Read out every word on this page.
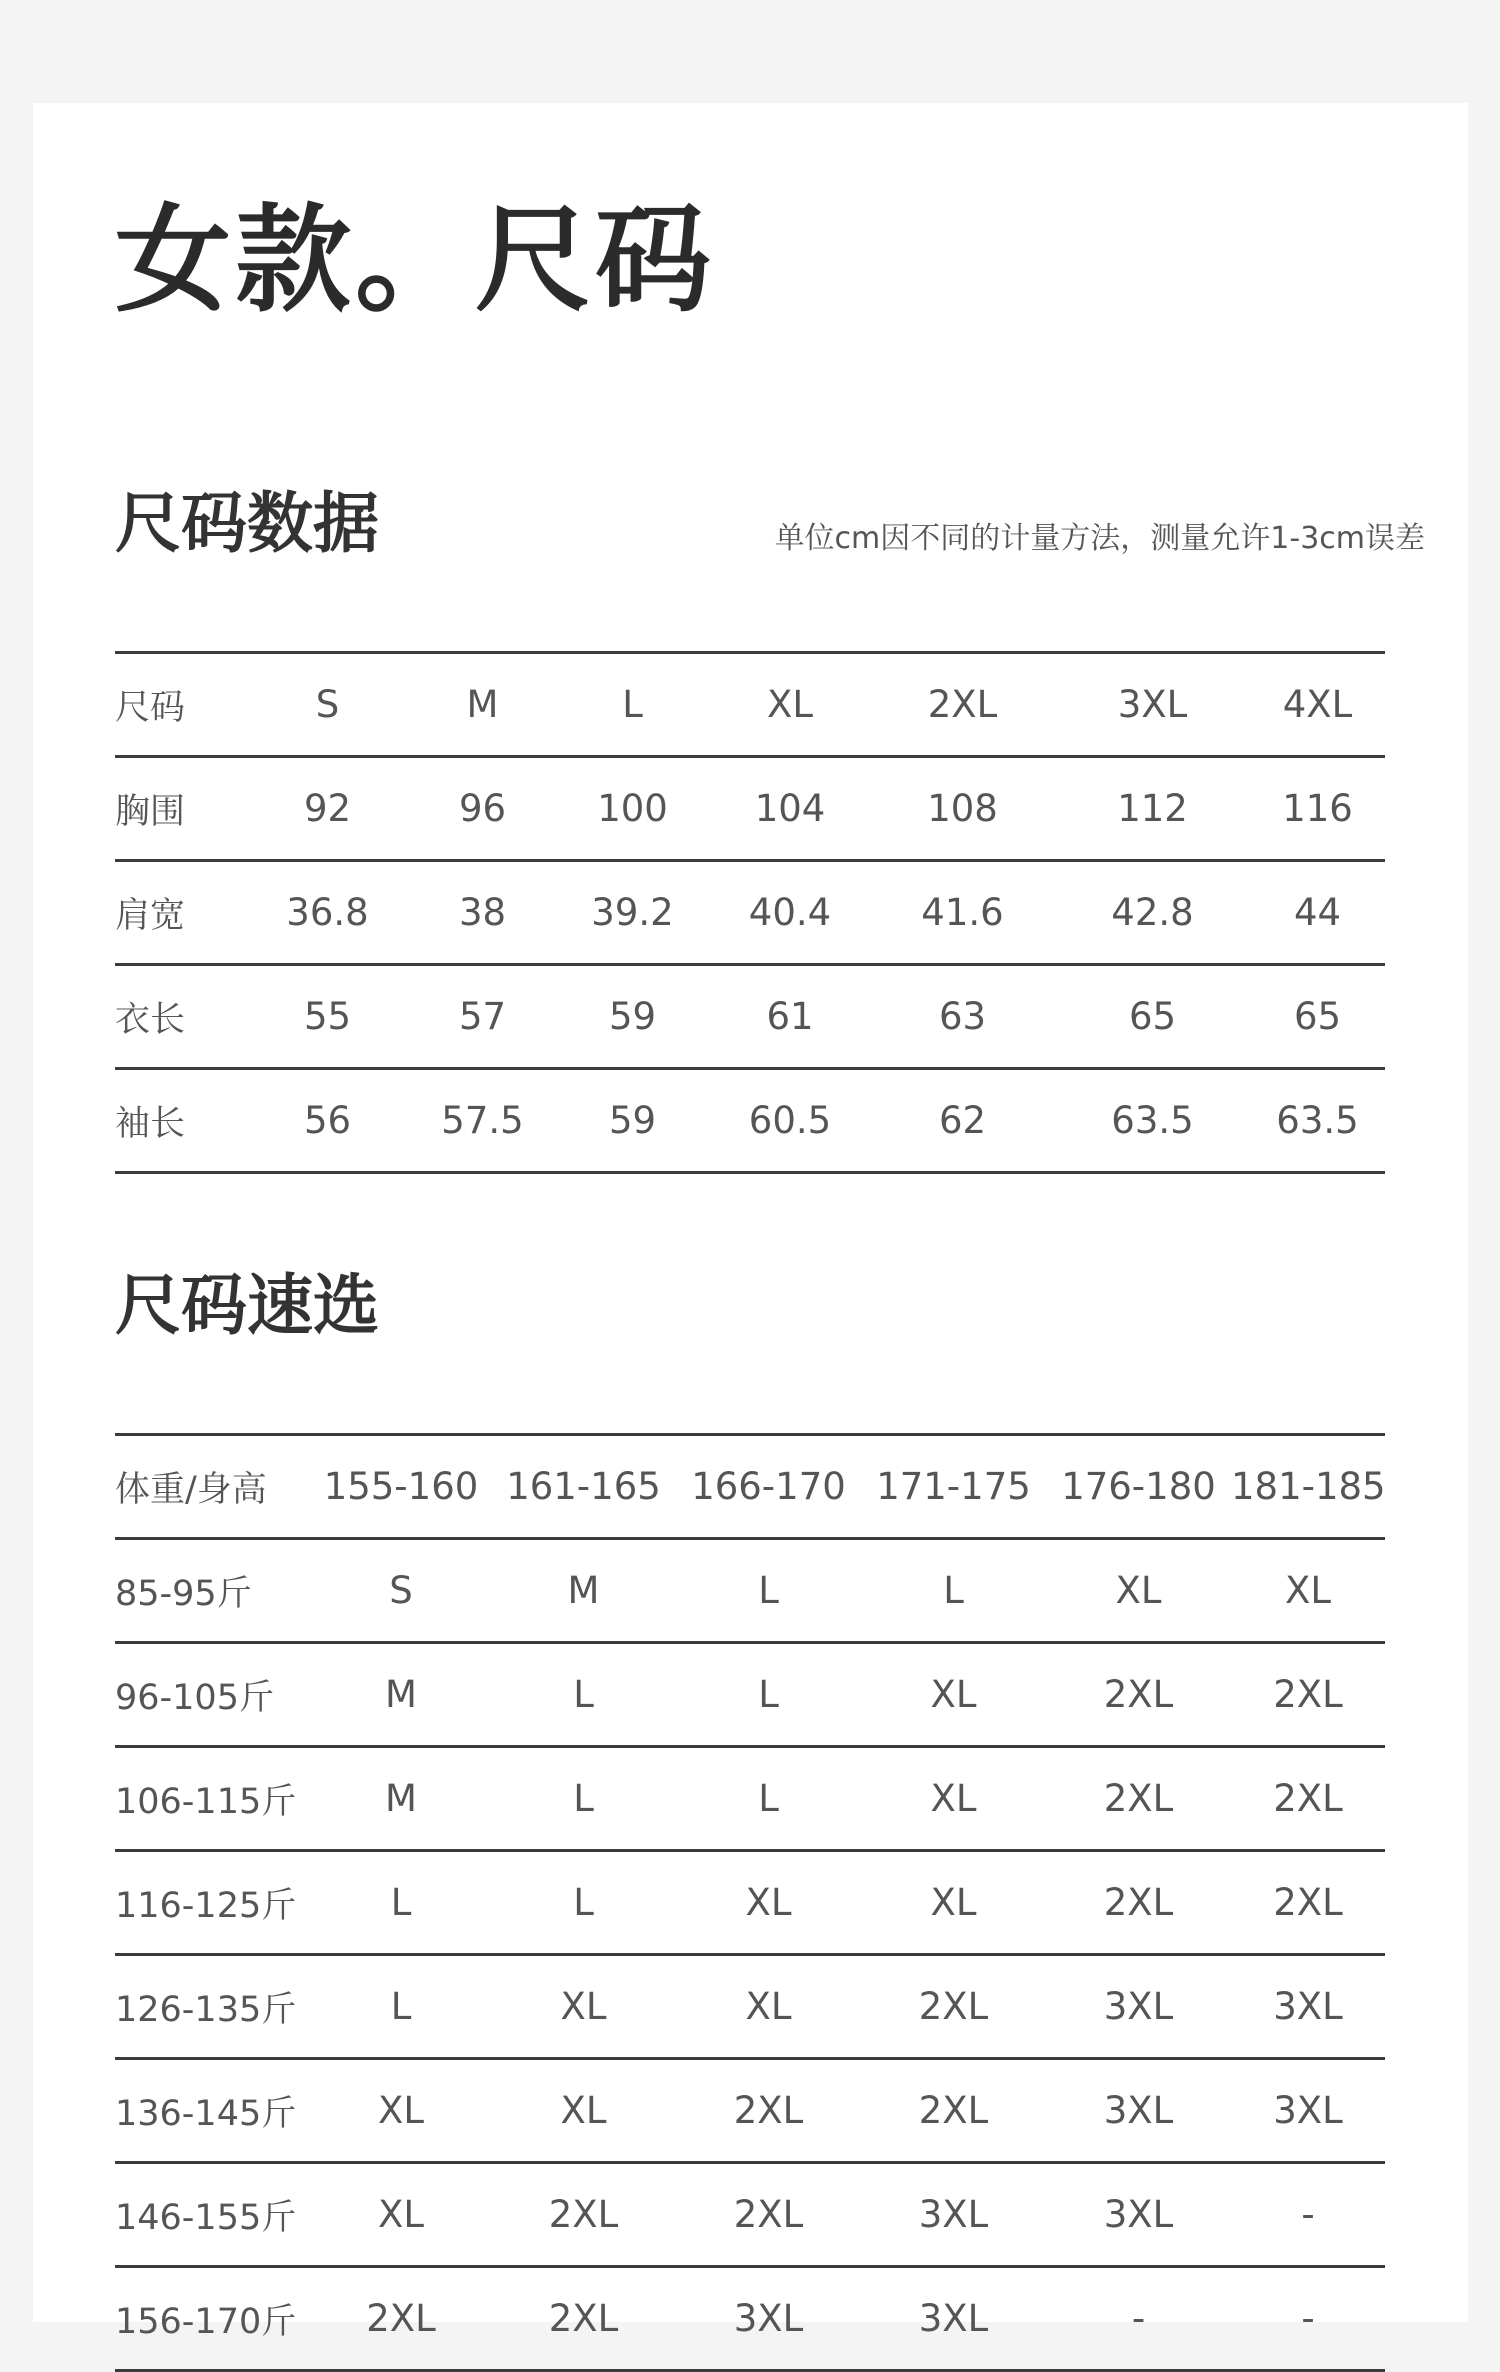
女款。尺码
尺码数据	单位cm因不同的计量方法，测量允许1-3cm误差
尺码	S	M	L	XL	2XL	3XL	4XL
胸围	92	96	100	104	108	112	116
肩宽	36.8	38	39.2	40.4	41.6	42.8	44
衣长	55	57	59	61	63	65	65
袖长	56	57.5	59	60.5	62	63.5	63.5
尺码速选
体重/身高	155-160	161-165	166-170	171-175	176-180	181-185
85-95斤	S	M	L	L	XL	XL
96-105斤	M	L	L	XL	2XL	2XL
106-115斤	M	L	L	XL	2XL	2XL
116-125斤	L	L	XL	XL	2XL	2XL
126-135斤	L	XL	XL	2XL	3XL	3XL
136-145斤	XL	XL	2XL	2XL	3XL	3XL
146-155斤	XL	2XL	2XL	3XL	3XL	-
156-170斤	2XL	2XL	3XL	3XL	-	-
